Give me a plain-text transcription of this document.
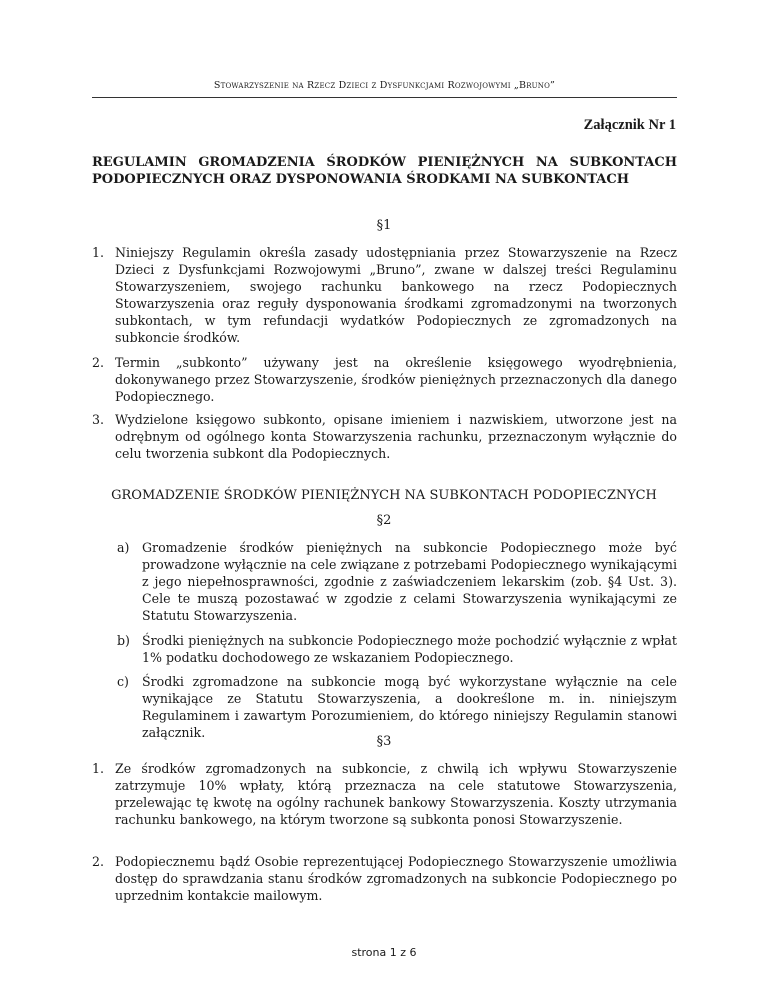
Stowarzyszenie na Rzecz Dzieci z Dysfunkcjami Rozwojowymi „Bruno”
Załącznik Nr 1
REGULAMIN GROMADZENIA ŚRODKÓW PIENIĘŻNYCH NA SUBKONTACH PODOPIECZNYCH ORAZ DYSPONOWANIA ŚRODKAMI NA SUBKONTACH
§1
1. Niniejszy Regulamin określa zasady udostępniania przez Stowarzyszenie na Rzecz Dzieci z Dysfunkcjami Rozwojowymi „Bruno”, zwane w dalszej treści Regulaminu Stowarzyszeniem, swojego rachunku bankowego na rzecz Podopiecznych Stowarzyszenia oraz reguły dysponowania środkami zgromadzonymi na tworzonych subkontach, w tym refundacji wydatków Podopiecznych ze zgromadzonych na subkoncie środków.
2. Termin „subkonto” używany jest na określenie księgowego wyodrębnienia, dokonywanego przez Stowarzyszenie, środków pieniężnych przeznaczonych dla danego Podopiecznego.
3. Wydzielone księgowo subkonto, opisane imieniem i nazwiskiem, utworzone jest na odrębnym od ogólnego konta Stowarzyszenia rachunku, przeznaczonym wyłącznie do celu tworzenia subkont dla Podopiecznych.
GROMADZENIE ŚRODKÓW PIENIĘŻNYCH NA SUBKONTACH PODOPIECZNYCH
§2
a) Gromadzenie środków pieniężnych na subkoncie Podopiecznego może być prowadzone wyłącznie na cele związane z potrzebami Podopiecznego wynikającymi z jego niepełnosprawności, zgodnie z zaświadczeniem lekarskim (zob. §4 Ust. 3). Cele te muszą pozostawać w zgodzie z celami Stowarzyszenia wynikającymi ze Statutu Stowarzyszenia.
b) Środki pieniężnych na subkoncie Podopiecznego może pochodzić wyłącznie z wpłat 1% podatku dochodowego ze wskazaniem Podopiecznego.
c) Środki zgromadzone na subkoncie mogą być wykorzystane wyłącznie na cele wynikające ze Statutu Stowarzyszenia, a dookreślone m. in. niniejszym Regulaminem i zawartym Porozumieniem, do którego niniejszy Regulamin stanowi załącznik.
§3
1. Ze środków zgromadzonych na subkoncie, z chwilą ich wpływu Stowarzyszenie zatrzymuje 10% wpłaty, którą przeznacza na cele statutowe Stowarzyszenia, przelewając tę kwotę na ogólny rachunek bankowy Stowarzyszenia. Koszty utrzymania rachunku bankowego, na którym tworzone są subkonta ponosi Stowarzyszenie.
2. Podopiecznemu bądź Osobie reprezentującej Podopiecznego Stowarzyszenie umożliwia dostęp do sprawdzania stanu środków zgromadzonych na subkoncie Podopiecznego po uprzednim kontakcie mailowym.
strona 1 z 6
